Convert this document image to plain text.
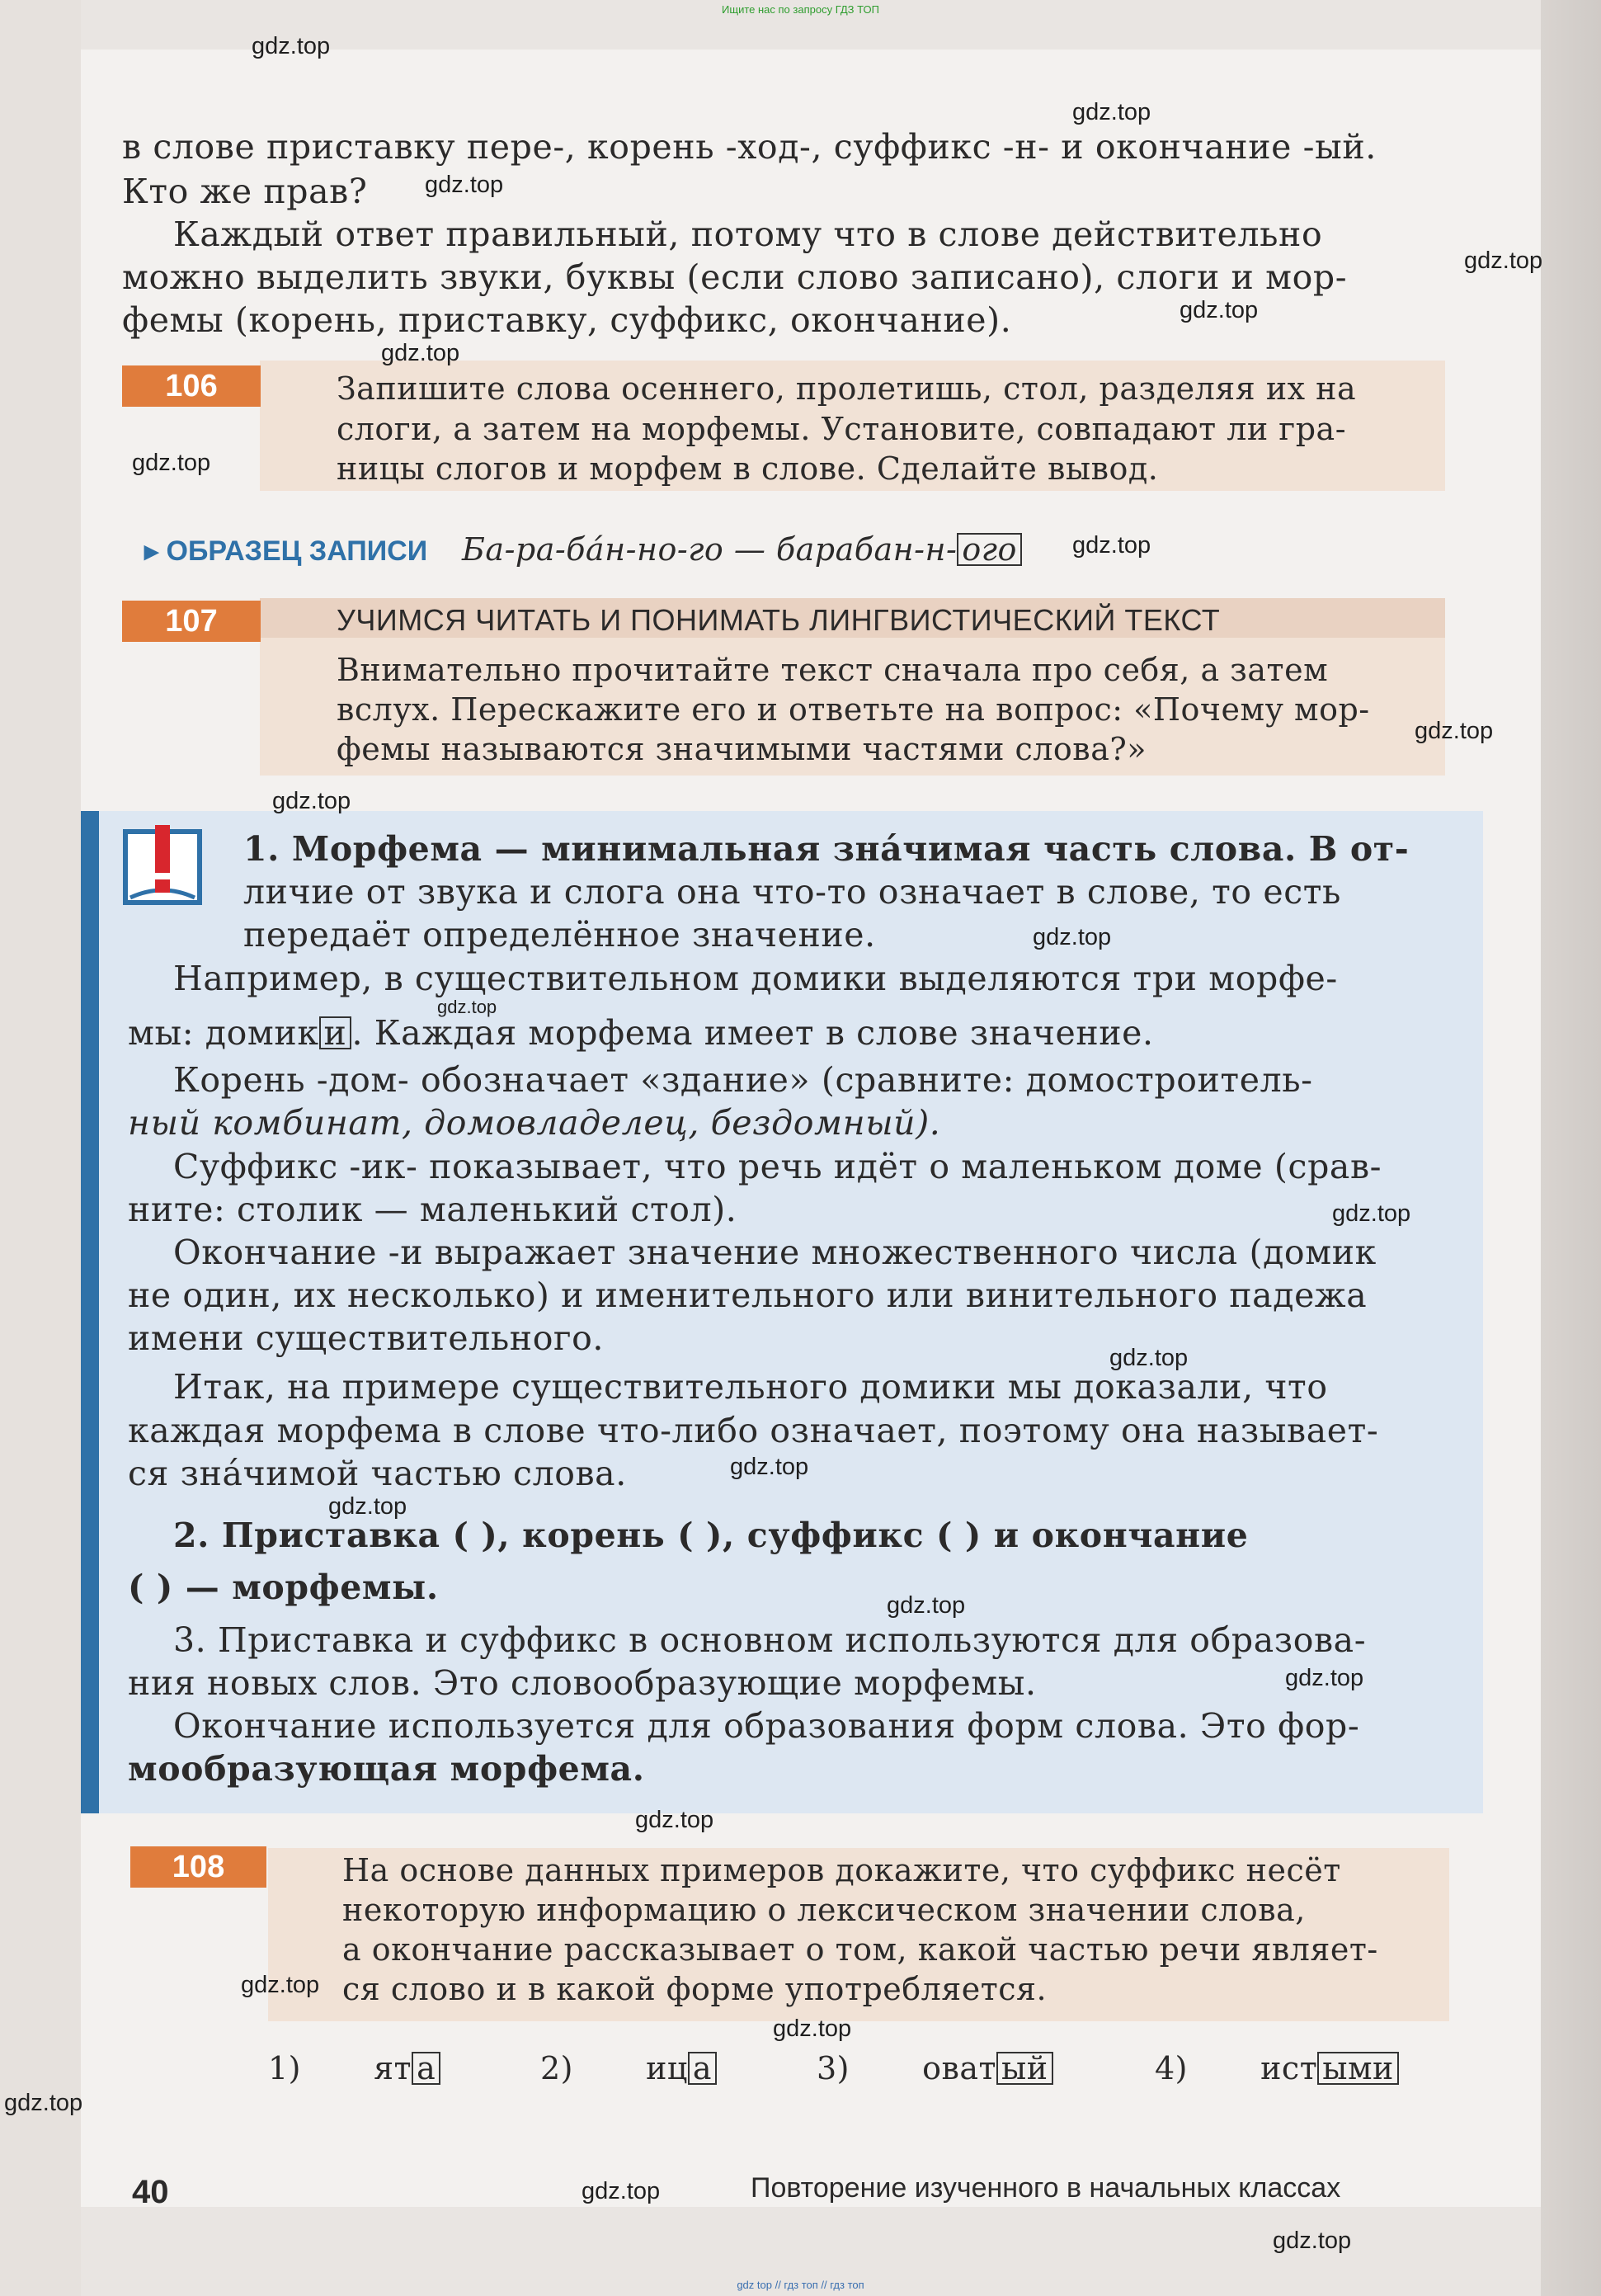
Ищите нас по запросу ГДЗ ТОП
в слове приставку пере-, корень -ход-, суффикс -н- и окончание -ый.
Кто же прав?
Каждый ответ правильный, потому что в слове действительно
можно выделить звуки, буквы (если слово записано), слоги и мор-
фемы (корень, приставку, суффикс, окончание).
106	Запишите слова осеннего, пролетишь, стол, разделяя их на
слоги, а затем на морфемы. Установите, совпадают ли гра-
ницы слогов и морфем в слове. Сделайте вывод.
▸ ОБРАЗЕЦ ЗАПИСИ Ба-ра-ба́н-но-го — барабан-н- ого
107	УЧИМСЯ ЧИТАТЬ И ПОНИМАТЬ ЛИНГВИСТИЧЕСКИЙ ТЕКСТ
Внимательно прочитайте текст сначала про себя, а затем
вслух. Перескажите его и ответьте на вопрос: «Почему мор-
фемы называются значимыми частями слова?»
1. Морфема — минимальная зна́чимая часть слова. В от-
личие от звука и слога она что-то означает в слове, то есть
передаёт определённое значение.
Например, в существительном домики выделяются три морфе-
мы: домик и . Каждая морфема имеет в слове значение.
Корень -дом- обозначает «здание» (сравните: домостроитель-
ный комбинат, домовладелец, бездомный).
Суффикс -ик- показывает, что речь идёт о маленьком доме (срав-
ните: столик — маленький стол).
Окончание -и выражает значение множественного числа (домик
не один, их несколько) и именительного или винительного падежа
имени существительного.
Итак, на примере существительного домики мы доказали, что
каждая морфема в слове что-либо означает, поэтому она называет-
ся зна́чимой частью слова.
2. Приставка ( ), корень ( ), суффикс ( ) и окончание
( ) — морфемы.
3. Приставка и суффикс в основном используются для образова-
ния новых слов. Это словообразующие морфемы.
Окончание используется для образования форм слова. Это фор-
мообразующая морфема.
108	На основе данных примеров докажите, что суффикс несёт
некоторую информацию о лексическом значении слова,
а окончание рассказывает о том, какой частью речи являет-
ся слово и в какой форме употребляется.
1) ят а	2) иц а	3) оват ый	4) ист ыми
40	Повторение изученного в начальных классах
gdz top // гдз топ // гдз топ
gdz.top
gdz.top
gdz.top
gdz.top
gdz.top
gdz.top
gdz.top
gdz.top
gdz.top
gdz.top
gdz.top
gdz.top
gdz.top
gdz.top
gdz.top
gdz.top
gdz.top
gdz.top
gdz.top
gdz.top
gdz.top
gdz.top
gdz.top
gdz.top
